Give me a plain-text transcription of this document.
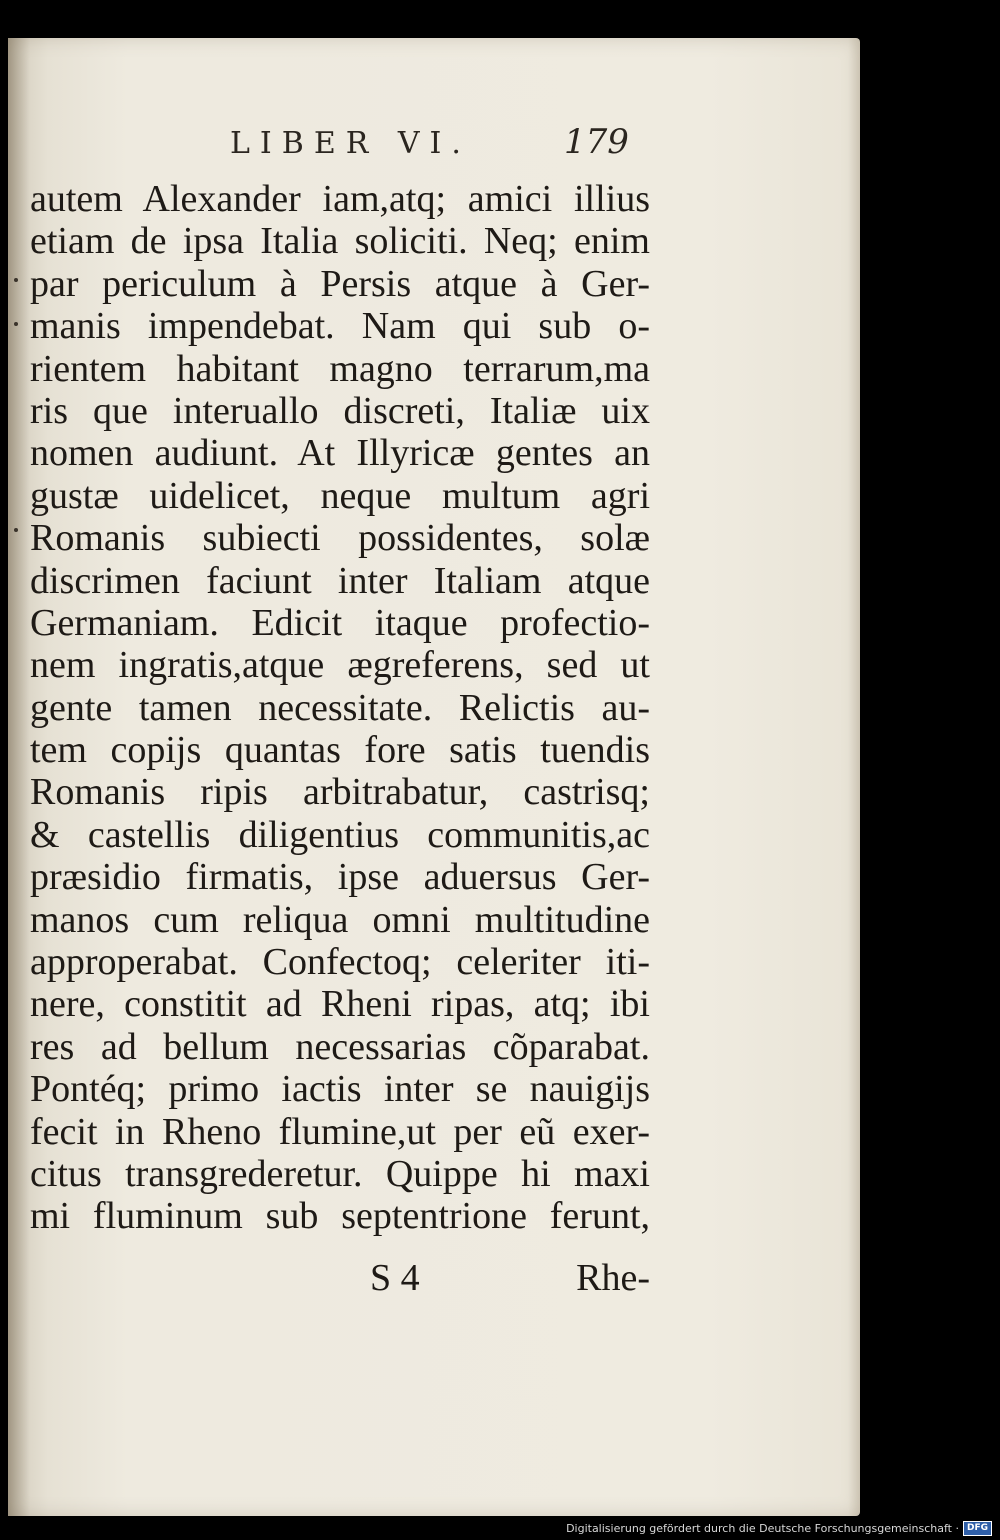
LIBER VI.	179
autem Alexander iam,atq; amici illius
etiam de ipsa Italia soliciti. Neq; enim
par periculum à Persis atque à Ger-
manis impendebat. Nam qui sub o-
rientem habitant magno terrarum,ma
ris que interuallo discreti, Italiæ uix
nomen audiunt. At Illyricæ gentes an
gustæ uidelicet, neque multum agri
Romanis subiecti possidentes, solæ
discrimen faciunt inter Italiam atque
Germaniam. Edicit itaque profectio-
nem ingratis,atque ægreferens, sed ut
gente tamen necessitate. Relictis au-
tem copijs quantas fore satis tuendis
Romanis ripis arbitrabatur, castrisq;
& castellis diligentius communitis,ac
præsidio firmatis, ipse aduersus Ger-
manos cum reliqua omni multitudine
approperabat. Confectoq; celeriter iti-
nere, constitit ad Rheni ripas, atq; ibi
res ad bellum necessarias cõparabat.
Pontéq; primo iactis inter se nauigijs
fecit in Rheno flumine,ut per eũ exer-
citus transgrederetur. Quippe hi maxi
mi fluminum sub septentrione ferunt,
S 4	Rhe-
Digitalisierung gefördert durch die Deutsche Forschungsgemeinschaft · DFG
